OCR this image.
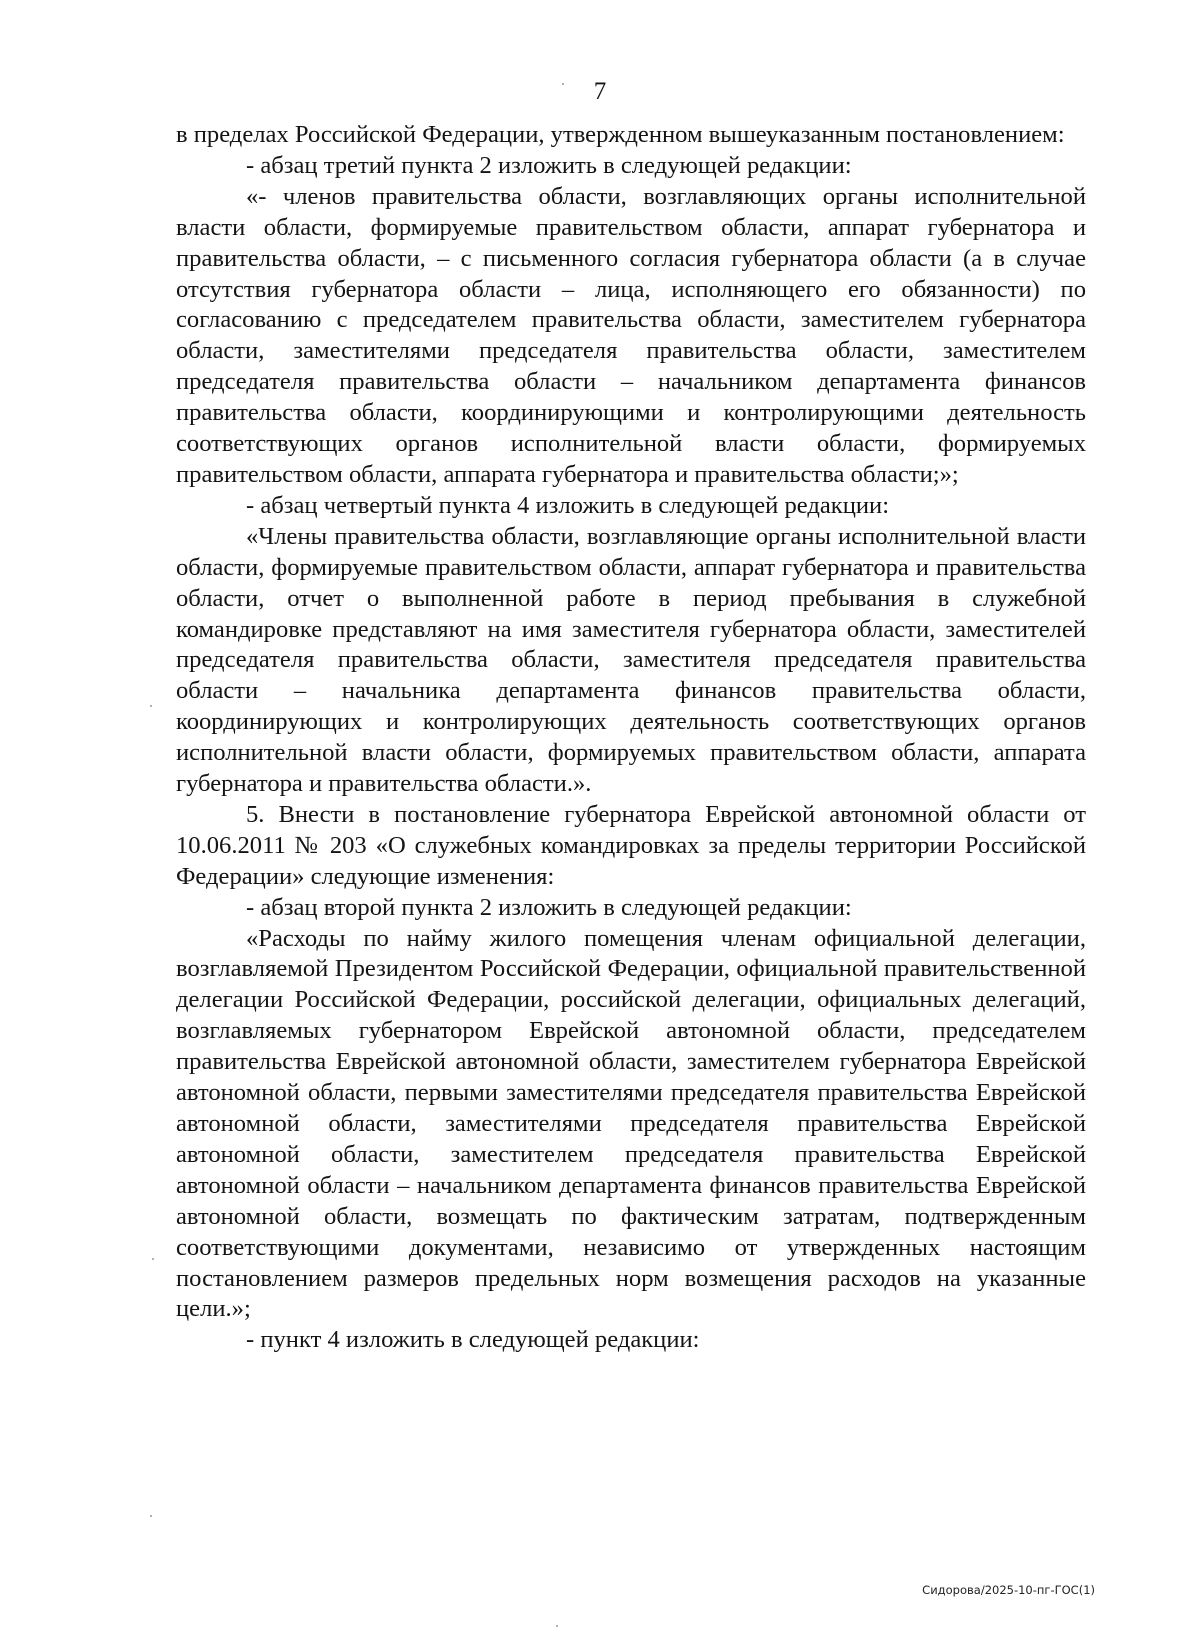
7

в пределах Российской Федерации, утвержденном вышеуказанным постановлением:

- абзац третий пункта 2 изложить в следующей редакции:

«- членов правительства области, возглавляющих органы исполнительной власти области, формируемые правительством области, аппарат губернатора и правительства области, – с письменного согласия губернатора области (а в случае отсутствия губернатора области – лица, исполняющего его обязанности) по согласованию с председателем правительства области, заместителем губернатора области, заместителями председателя правительства области, заместителем председателя правительства области – начальником департамента финансов правительства области, координирующими и контролирующими деятельность соответствующих органов исполнительной власти области, формируемых правительством области, аппарата губернатора и правительства области;»;

- абзац четвертый пункта 4 изложить в следующей редакции:

«Члены правительства области, возглавляющие органы исполнительной власти области, формируемые правительством области, аппарат губернатора и правительства области, отчет о выполненной работе в период пребывания в служебной командировке представляют на имя заместителя губернатора области, заместителей председателя правительства области, заместителя председателя правительства области – начальника департамента финансов правительства области, координирующих и контролирующих деятельность соответствующих органов исполнительной власти области, формируемых правительством области, аппарата губернатора и правительства области.».

5. Внести в постановление губернатора Еврейской автономной области от 10.06.2011 № 203 «О служебных командировках за пределы территории Российской Федерации» следующие изменения:

- абзац второй пункта 2 изложить в следующей редакции:

«Расходы по найму жилого помещения членам официальной делегации, возглавляемой Президентом Российской Федерации, официальной правительственной делегации Российской Федерации, российской делегации, официальных делегаций, возглавляемых губернатором Еврейской автономной области, председателем правительства Еврейской автономной области, заместителем губернатора Еврейской автономной области, первыми заместителями председателя правительства Еврейской автономной области, заместителями председателя правительства Еврейской автономной области, заместителем председателя правительства Еврейской автономной области – начальником департамента финансов правительства Еврейской автономной области, возмещать по фактическим затратам, подтвержденным соответствующими документами, независимо от утвержденных настоящим постановлением размеров предельных норм возмещения расходов на указанные цели.»;

- пункт 4 изложить в следующей редакции:

Сидорова/2025-10-пг-ГОС(1)
